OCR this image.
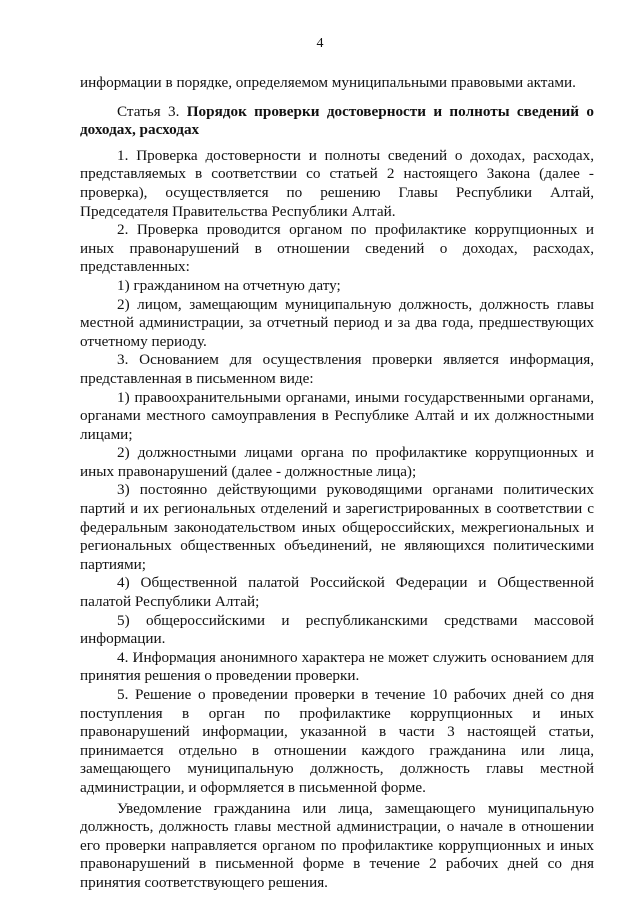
4

информации в порядке, определяемом муниципальными правовыми актами.

Статья 3. Порядок проверки достоверности и полноты сведений о доходах, расходах

1. Проверка достоверности и полноты сведений о доходах, расходах, представляемых в соответствии со статьей 2 настоящего Закона (далее - проверка), осуществляется по решению Главы Республики Алтай, Председателя Правительства Республики Алтай.

2. Проверка проводится органом по профилактике коррупционных и иных правонарушений в отношении сведений о доходах, расходах, представленных:

1) гражданином на отчетную дату;

2) лицом, замещающим муниципальную должность, должность главы местной администрации, за отчетный период и за два года, предшествующих отчетному периоду.

3. Основанием для осуществления проверки является информация, представленная в письменном виде:

1) правоохранительными органами, иными государственными органами, органами местного самоуправления в Республике Алтай и их должностными лицами;

2) должностными лицами органа по профилактике коррупционных и иных правонарушений (далее - должностные лица);

3) постоянно действующими руководящими органами политических партий и их региональных отделений и зарегистрированных в соответствии с федеральным законодательством иных общероссийских, межрегиональных и региональных общественных объединений, не являющихся политическими партиями;

4) Общественной палатой Российской Федерации и Общественной палатой Республики Алтай;

5) общероссийскими и республиканскими средствами массовой информации.

4. Информация анонимного характера не может служить основанием для принятия решения о проведении проверки.

5. Решение о проведении проверки в течение 10 рабочих дней со дня поступления в орган по профилактике коррупционных и иных правонарушений информации, указанной в части 3 настоящей статьи, принимается отдельно в отношении каждого гражданина или лица, замещающего муниципальную должность, должность главы местной администрации, и оформляется в письменной форме.

Уведомление гражданина или лица, замещающего муниципальную должность, должность главы местной администрации, о начале в отношении его проверки направляется органом по профилактике коррупционных и иных правонарушений в письменной форме в течение 2 рабочих дней со дня принятия соответствующего решения.
